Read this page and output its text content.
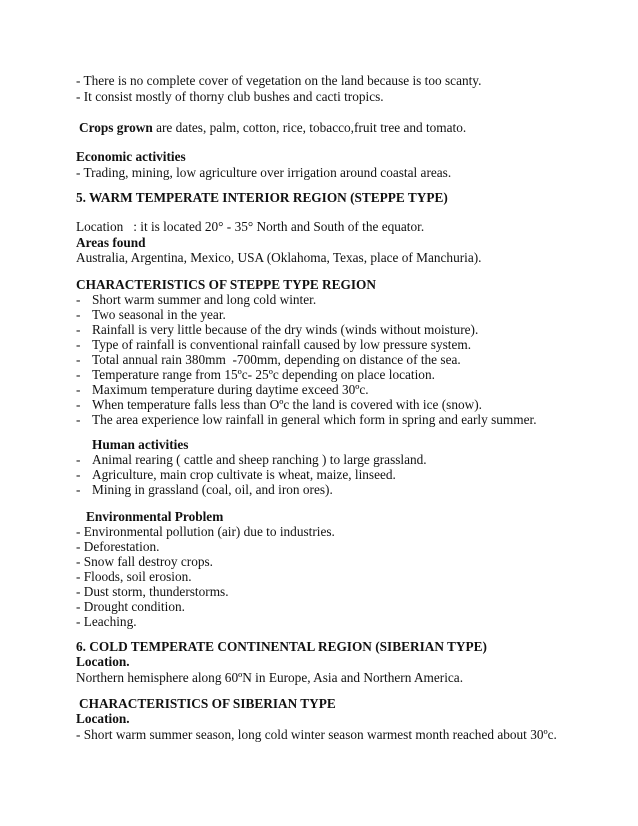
- There is no complete cover of vegetation on the land because is too scanty.
- It consist mostly of thorny club bushes and cacti tropics.
Crops grown are dates, palm, cotton, rice, tobacco,fruit tree and tomato.
Economic activities
- Trading, mining, low agriculture over irrigation around coastal areas.
5. WARM TEMPERATE INTERIOR REGION (STEPPE TYPE)
Location   : it is located 20° - 35° North and South of the equator.
Areas found
Australia, Argentina, Mexico, USA (Oklahoma, Texas, place of Manchuria).
CHARACTERISTICS OF STEPPE TYPE REGION
- Short warm summer and long cold winter.
- Two seasonal in the year.
- Rainfall is very little because of the dry winds (winds without moisture).
- Type of rainfall is conventional rainfall caused by low pressure system.
- Total annual rain 380mm  -700mm, depending on distance of the sea.
- Temperature range from 15ºc- 25ºc depending on place location.
- Maximum temperature during daytime exceed 30ºc.
- When temperature falls less than Oºc the land is covered with ice (snow).
- The area experience low rainfall in general which form in spring and early summer.
Human activities
- Animal rearing ( cattle and sheep ranching ) to large grassland.
- Agriculture, main crop cultivate is wheat, maize, linseed.
- Mining in grassland (coal, oil, and iron ores).
Environmental Problem
- Environmental pollution (air) due to industries.
- Deforestation.
- Snow fall destroy crops.
- Floods, soil erosion.
- Dust storm, thunderstorms.
- Drought condition.
- Leaching.
6. COLD TEMPERATE CONTINENTAL REGION (SIBERIAN TYPE)
Location.
Northern hemisphere along 60ºN in Europe, Asia and Northern America.
CHARACTERISTICS OF SIBERIAN TYPE
Location.
- Short warm summer season, long cold winter season warmest month reached about 30ºc.
